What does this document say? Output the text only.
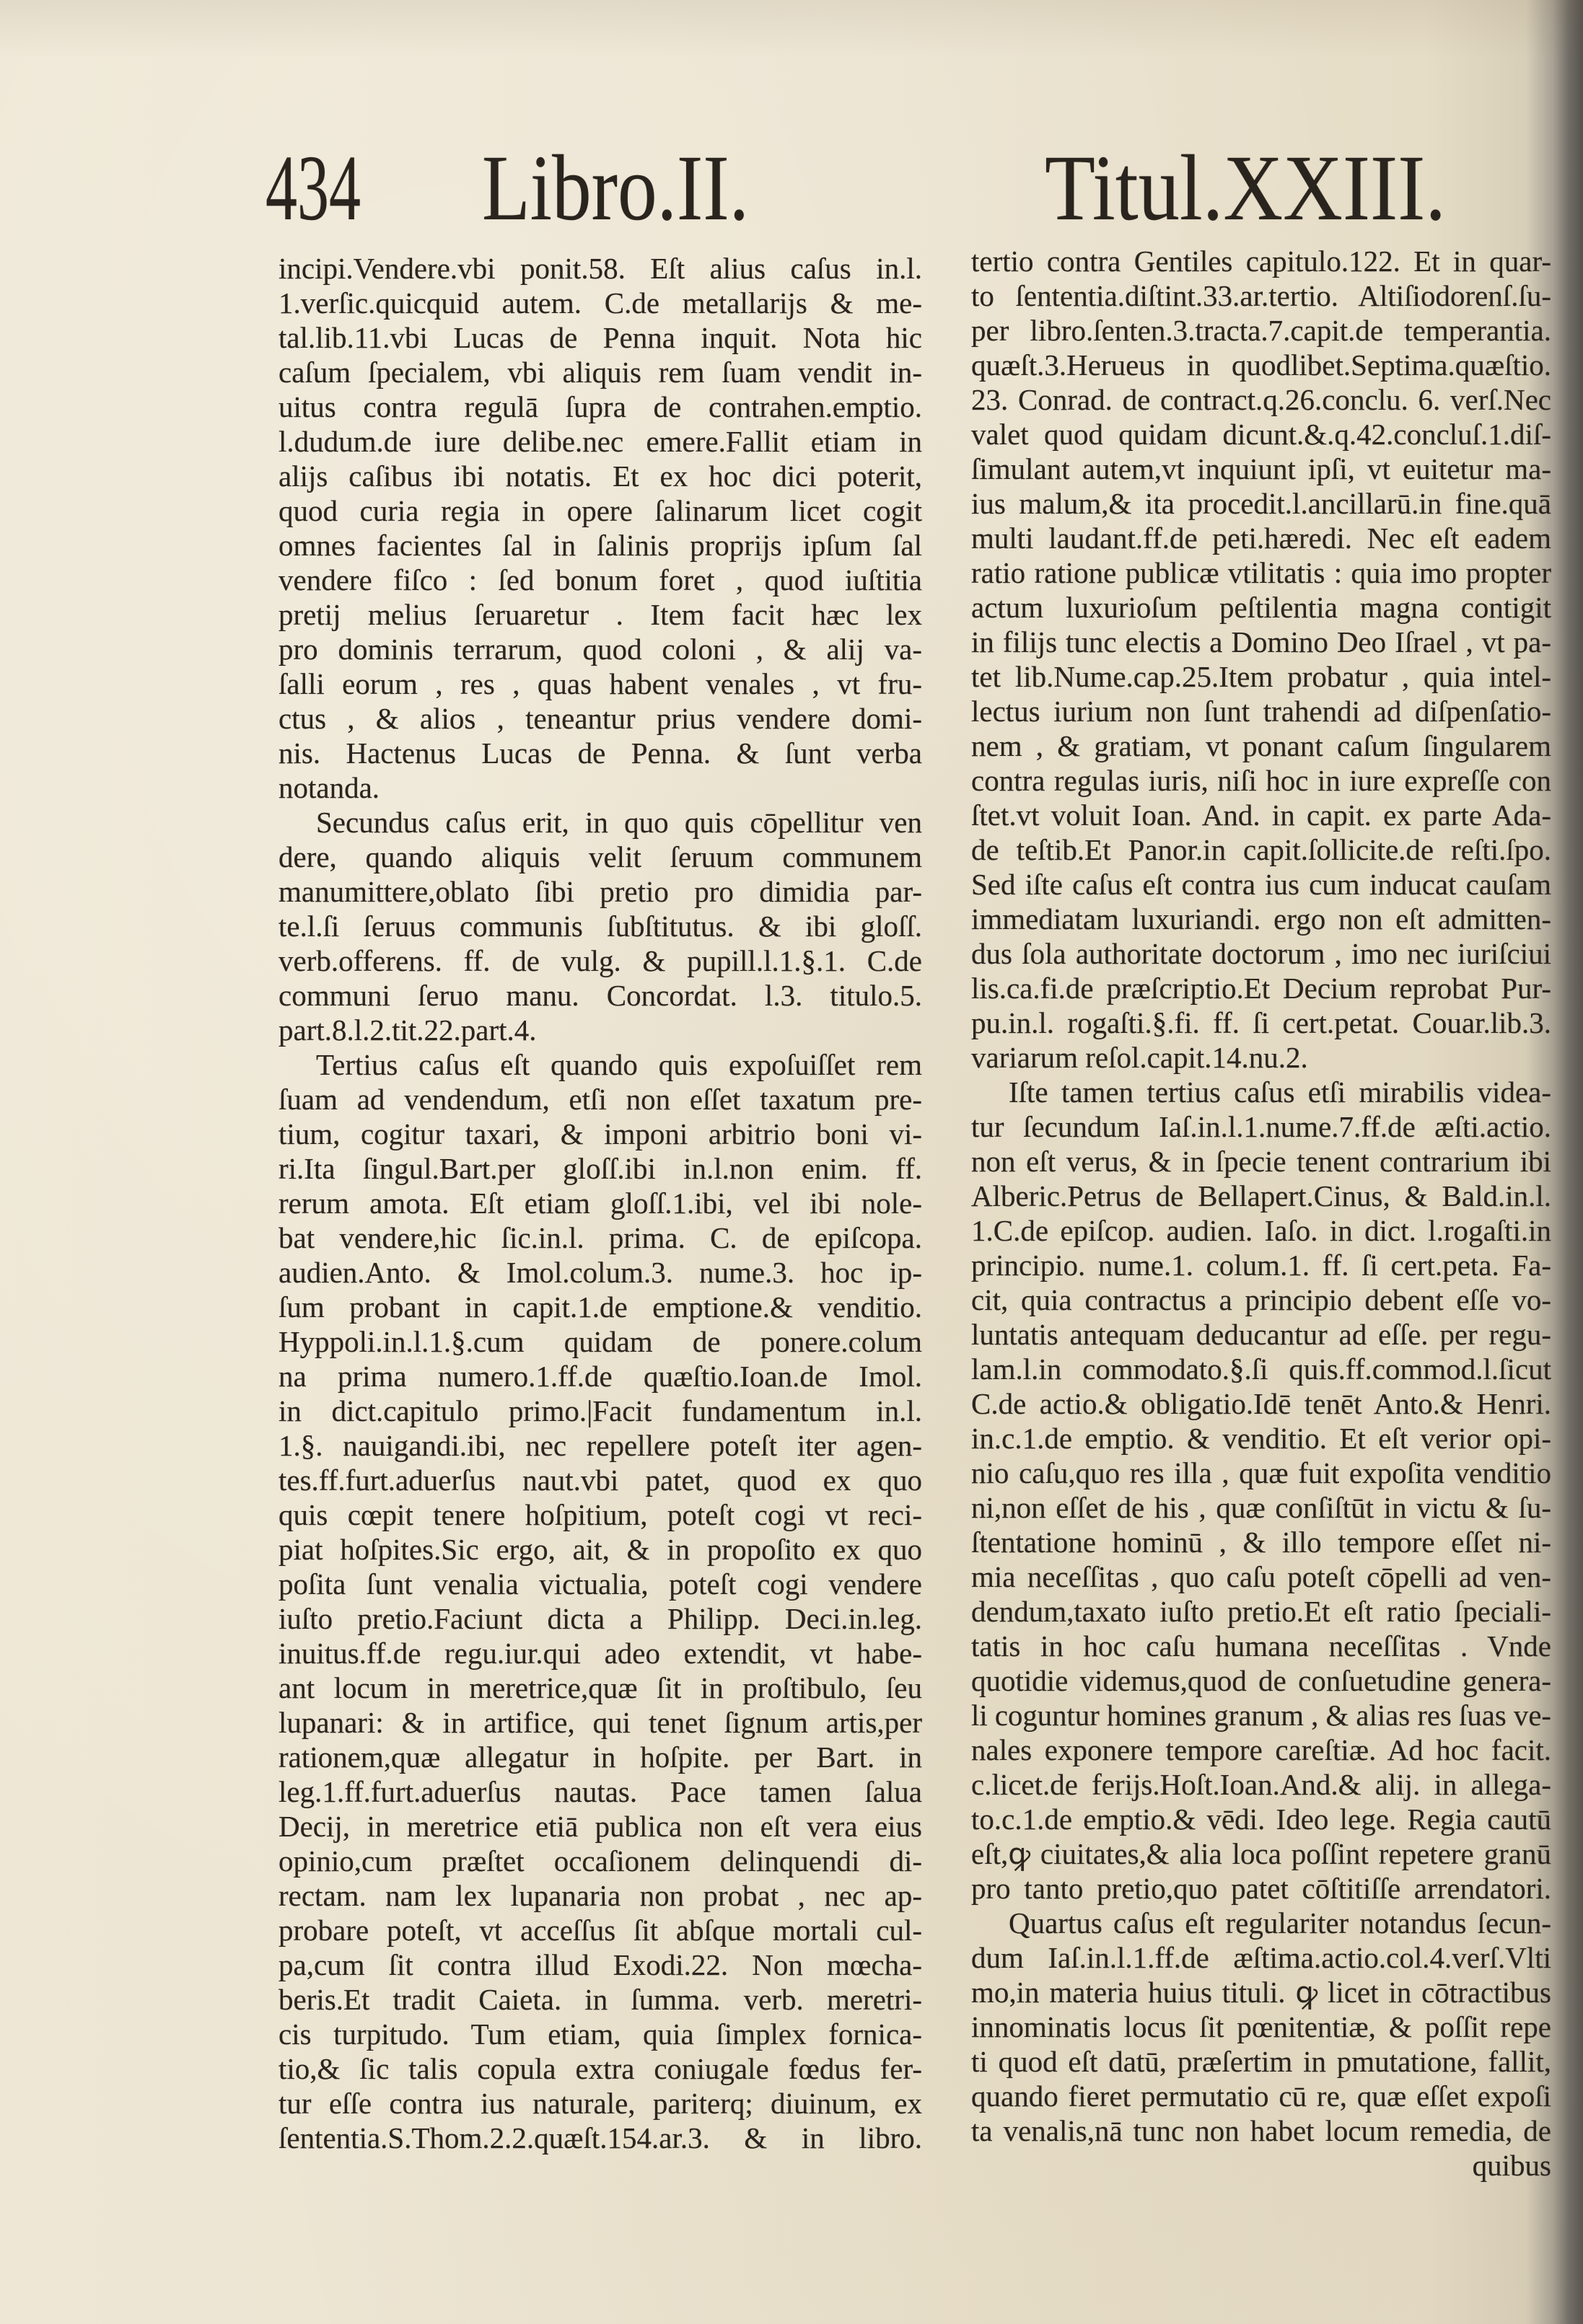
434 Libro.II.	Titul.XXIII.
incipi.Vendere.vbi ponit.58. Eſt alius caſus in.l.
1.verſic.quicquid autem. C.de metallarijs & me-
tal.lib.11.vbi Lucas de Penna inquit. Nota hic
caſum ſpecialem, vbi aliquis rem ſuam vendit in-
uitus contra regulā ſupra de contrahen.emptio.
l.dudum.de iure delibe.nec emere.Fallit etiam in
alijs caſibus ibi notatis. Et ex hoc dici poterit,
quod curia regia in opere ſalinarum licet cogit
omnes facientes ſal in ſalinis proprijs ipſum ſal
vendere fiſco : ſed bonum foret , quod iuſtitia
pretij melius ſeruaretur . Item facit hæc lex
pro dominis terrarum, quod coloni , & alij va-
ſalli eorum , res , quas habent venales , vt fru-
ctus , & alios , teneantur prius vendere domi-
nis. Hactenus Lucas de Penna. & ſunt verba
notanda.
Secundus caſus erit, in quo quis cōpellitur ven
dere, quando aliquis velit ſeruum communem
manumittere,oblato ſibi pretio pro dimidia par-
te.l.ſi ſeruus communis ſubſtitutus. & ibi gloſſ.
verb.offerens. ff. de vulg. & pupill.l.1.§.1. C.de
communi ſeruo manu. Concordat. l.3. titulo.5.
part.8.l.2.tit.22.part.4.
Tertius caſus eſt quando quis expoſuiſſet rem
ſuam ad vendendum, etſi non eſſet taxatum pre-
tium, cogitur taxari, & imponi arbitrio boni vi-
ri.Ita ſingul.Bart.per gloſſ.ibi in.l.non enim. ff.
rerum amota. Eſt etiam gloſſ.1.ibi, vel ibi nole-
bat vendere,hic ſic.in.l. prima. C. de epiſcopa.
audien.Anto. & Imol.colum.3. nume.3. hoc ip-
ſum probant in capit.1.de emptione.& venditio.
Hyppoli.in.l.1.§.cum quidam de ponere.colum
na prima numero.1.ff.de quæſtio.Ioan.de Imol.
in dict.capitulo primo.|Facit fundamentum in.l.
1.§. nauigandi.ibi, nec repellere poteſt iter agen-
tes.ff.furt.aduerſus naut.vbi patet, quod ex quo
quis cœpit tenere hoſpitium, poteſt cogi vt reci-
piat hoſpites.Sic ergo, ait, & in propoſito ex quo
poſita ſunt venalia victualia, poteſt cogi vendere
iuſto pretio.Faciunt dicta a Philipp. Deci.in.leg.
inuitus.ff.de regu.iur.qui adeo extendit, vt habe-
ant locum in meretrice,quæ ſit in proſtibulo, ſeu
lupanari: & in artifice, qui tenet ſignum artis,per
rationem,quæ allegatur in hoſpite. per Bart. in
leg.1.ff.furt.aduerſus nautas. Pace tamen ſalua
Decij, in meretrice etiā publica non eſt vera eius
opinio,cum præſtet occaſionem delinquendi di-
rectam. nam lex lupanaria non probat , nec ap-
probare poteſt, vt acceſſus ſit abſque mortali cul-
pa,cum ſit contra illud Exodi.22. Non mœcha-
beris.Et tradit Caieta. in ſumma. verb. meretri-
cis turpitudo. Tum etiam, quia ſimplex fornica-
tio,& ſic talis copula extra coniugale fœdus fer-
tur eſſe contra ius naturale, pariterq; diuinum, ex
ſententia.S.Thom.2.2.quæſt.154.ar.3. & in libro.
tertio contra Gentiles capitulo.122. Et in quar-
to ſententia.diſtint.33.ar.tertio. Altiſiodorenſ.ſu-
per libro.ſenten.3.tracta.7.capit.de temperantia.
quæſt.3.Herueus in quodlibet.Septima.quæſtio.
23. Conrad. de contract.q.26.conclu. 6. verſ.Nec
valet quod quidam dicunt.&.q.42.concluſ.1.diſ-
ſimulant autem,vt inquiunt ipſi, vt euitetur ma-
ius malum,& ita procedit.l.ancillarū.in fine.quā
multi laudant.ff.de peti.hæredi. Nec eſt eadem
ratio ratione publicæ vtilitatis : quia imo propter
actum luxurioſum peſtilentia magna contigit
in filijs tunc electis a Domino Deo Iſrael , vt pa-
tet lib.Nume.cap.25.Item probatur , quia intel-
lectus iurium non ſunt trahendi ad diſpenſatio-
nem , & gratiam, vt ponant caſum ſingularem
contra regulas iuris, niſi hoc in iure expreſſe con
ſtet.vt voluit Ioan. And. in capit. ex parte Ada-
de teſtib.Et Panor.in capit.ſollicite.de reſti.ſpo.
Sed iſte caſus eſt contra ius cum inducat cauſam
immediatam luxuriandi. ergo non eſt admitten-
dus ſola authoritate doctorum , imo nec iuriſciui
lis.ca.fi.de præſcriptio.Et Decium reprobat Pur-
pu.in.l. rogaſti.§.fi. ff. ſi cert.petat. Couar.lib.3.
variarum reſol.capit.14.nu.2.
Iſte tamen tertius caſus etſi mirabilis videa-
tur ſecundum Iaſ.in.l.1.nume.7.ff.de æſti.actio.
non eſt verus, & in ſpecie tenent contrarium ibi
Alberic.Petrus de Bellapert.Cinus, & Bald.in.l.
1.C.de epiſcop. audien. Iaſo. in dict. l.rogaſti.in
principio. nume.1. colum.1. ff. ſi cert.peta. Fa-
cit, quia contractus a principio debent eſſe vo-
luntatis antequam deducantur ad eſſe. per regu-
lam.l.in commodato.§.ſi quis.ff.commod.l.ſicut
C.de actio.& obligatio.Idē tenēt Anto.& Henri.
in.c.1.de emptio. & venditio. Et eſt verior opi-
nio caſu,quo res illa , quæ fuit expoſita venditio
ni,non eſſet de his , quæ conſiſtūt in victu & ſu-
ſtentatione hominū , & illo tempore eſſet ni-
mia neceſſitas , quo caſu poteſt cōpelli ad ven-
dendum,taxato iuſto pretio.Et eſt ratio ſpeciali-
tatis in hoc caſu humana neceſſitas . Vnde
quotidie videmus,quod de conſuetudine genera-
li coguntur homines granum , & alias res ſuas ve-
nales exponere tempore careſtiæ. Ad hoc facit.
c.licet.de ferijs.Hoſt.Ioan.And.& alij. in allega-
to.c.1.de emptio.& vēdi. Ideo lege. Regia cautū
eſt,ꝙ ciuitates,& alia loca poſſint repetere granū
pro tanto pretio,quo patet cōſtitiſſe arrendatori.
Quartus caſus eſt regulariter notandus ſecun-
dum Iaſ.in.l.1.ff.de æſtima.actio.col.4.verſ.Vlti
mo,in materia huius tituli. ꝙ licet in cōtractibus
innominatis locus ſit pœnitentiæ, & poſſit repe
ti quod eſt datū, præſertim in pmutatione, fallit,
quando fieret permutatio cū re, quæ eſſet expoſi
ta venalis,nā tunc non habet locum remedia, de
quibus
